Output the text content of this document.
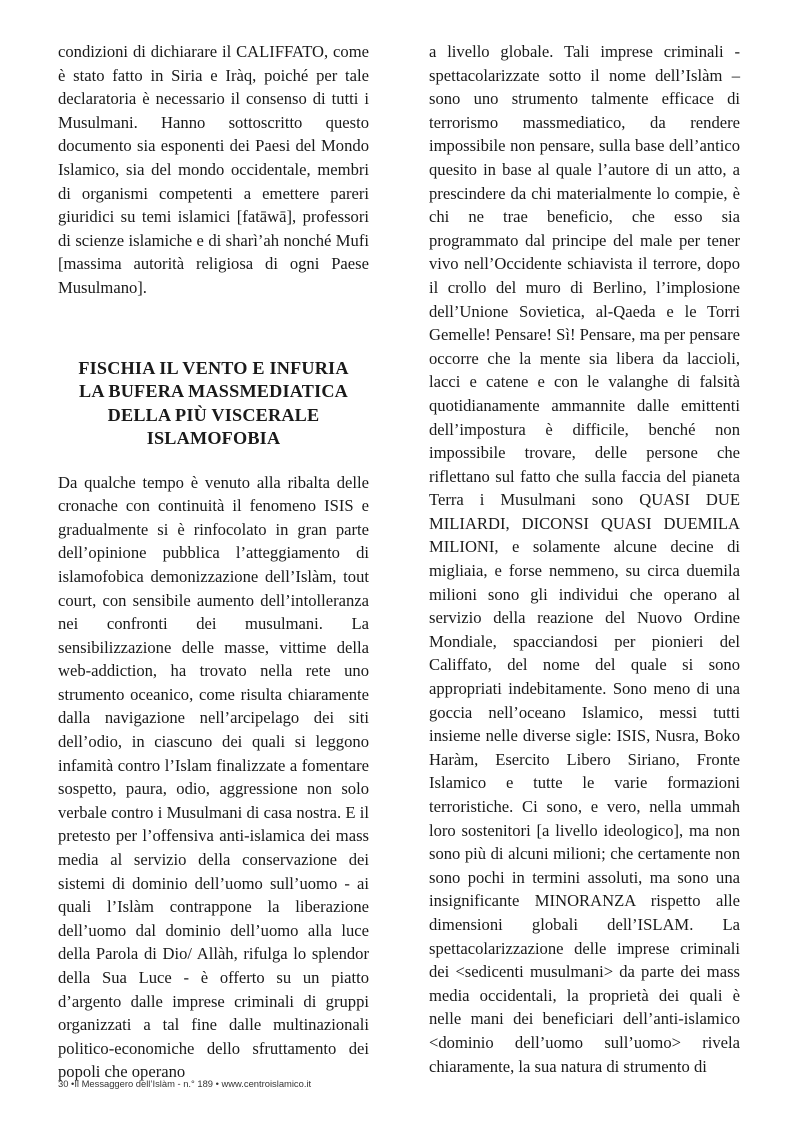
condizioni di dichiarare il CALIFFATO, come è stato fatto in Siria e Iràq, poiché per tale declaratoria è necessario il consenso di tutti i Musulmani. Hanno sottoscritto questo documento sia esponenti dei Paesi del Mondo Islamico, sia del mondo occidentale, membri di organismi competenti a emettere pareri giuridici su temi islamici [fatāwā], professori di scienze islamiche e di sharì’ah nonché Mufi [massima autorità religiosa di ogni Paese Musulmano].

FISCHIA IL VENTO E INFURIA
LA BUFERA MASSMEDIATICA
DELLA PIÙ VISCERALE
ISLAMOFOBIA

Da qualche tempo è venuto alla ribalta delle cronache con continuità il fenomeno ISIS e gradualmente si è rinfocolato in gran parte dell’opinione pubblica l’atteggiamento di islamofobica demonizzazione dell’Islàm, tout court, con sensibile aumento dell’intolleranza nei confronti dei musulmani. La sensibilizzazione delle masse, vittime della web-addiction, ha trovato nella rete uno strumento oceanico, come risulta chiaramente dalla navigazione nell’arcipelago dei siti dell’odio, in ciascuno dei quali si leggono infamità contro l’Islam finalizzate a fomentare sospetto, paura, odio, aggressione non solo verbale contro i Musulmani di casa nostra. E il pretesto per l’offensiva anti-islamica dei mass media al servizio della conservazione dei sistemi di dominio dell’uomo sull’uomo - ai quali l’Islàm contrappone la liberazione dell’uomo dal dominio dell’uomo alla luce della Parola di Dio/ Allàh, rifulga lo splendor della Sua Luce - è offerto su un piatto d’argento dalle imprese criminali di gruppi organizzati a tal fine dalle multinazionali politico-economiche dello sfruttamento dei popoli che operano

a livello globale. Tali imprese criminali - spettacolarizzate sotto il nome dell’Islàm – sono uno strumento talmente efficace di terrorismo massmediatico, da rendere impossibile non pensare, sulla base dell’antico quesito in base al quale l’autore di un atto, a prescindere da chi materialmente lo compie, è chi ne trae beneficio, che esso sia programmato dal principe del male per tener vivo nell’Occidente schiavista il terrore, dopo il crollo del muro di Berlino, l’implosione dell’Unione Sovietica, al-Qaeda e le Torri Gemelle! Pensare! Sì! Pensare, ma per pensare occorre che la mente sia libera da laccioli, lacci e catene e con le valanghe di falsità quotidianamente ammannite dalle emittenti dell’impostura è difficile, benché non impossibile trovare, delle persone che riflettano sul fatto che sulla faccia del pianeta Terra i Musulmani sono QUASI DUE MILIARDI, DICONSI QUASI DUEMILA MILIONI, e solamente alcune decine di migliaia, e forse nemmeno, su circa duemila milioni sono gli individui che operano al servizio della reazione del Nuovo Ordine Mondiale, spacciandosi per pionieri del Califfato, del nome del quale si sono appropriati indebitamente. Sono meno di una goccia nell’oceano Islamico, messi tutti insieme nelle diverse sigle: ISIS, Nusra, Boko Haràm, Esercito Libero Siriano, Fronte Islamico e tutte le varie formazioni terroristiche. Ci sono, e vero, nella ummah loro sostenitori [a livello ideologico], ma non sono più di alcuni milioni; che certamente non sono pochi in termini assoluti, ma sono una insignificante MINORANZA rispetto alle dimensioni globali dell’ISLAM. La spettacolarizzazione delle imprese criminali dei <sedicenti musulmani> da parte dei mass media occidentali, la proprietà dei quali è nelle mani dei beneficiari dell’anti-islamico <dominio dell’uomo sull’uomo> rivela chiaramente, la sua natura di strumento di

30 •Il Messaggero dell’Islàm - n.° 189 • www.centroislamico.it
